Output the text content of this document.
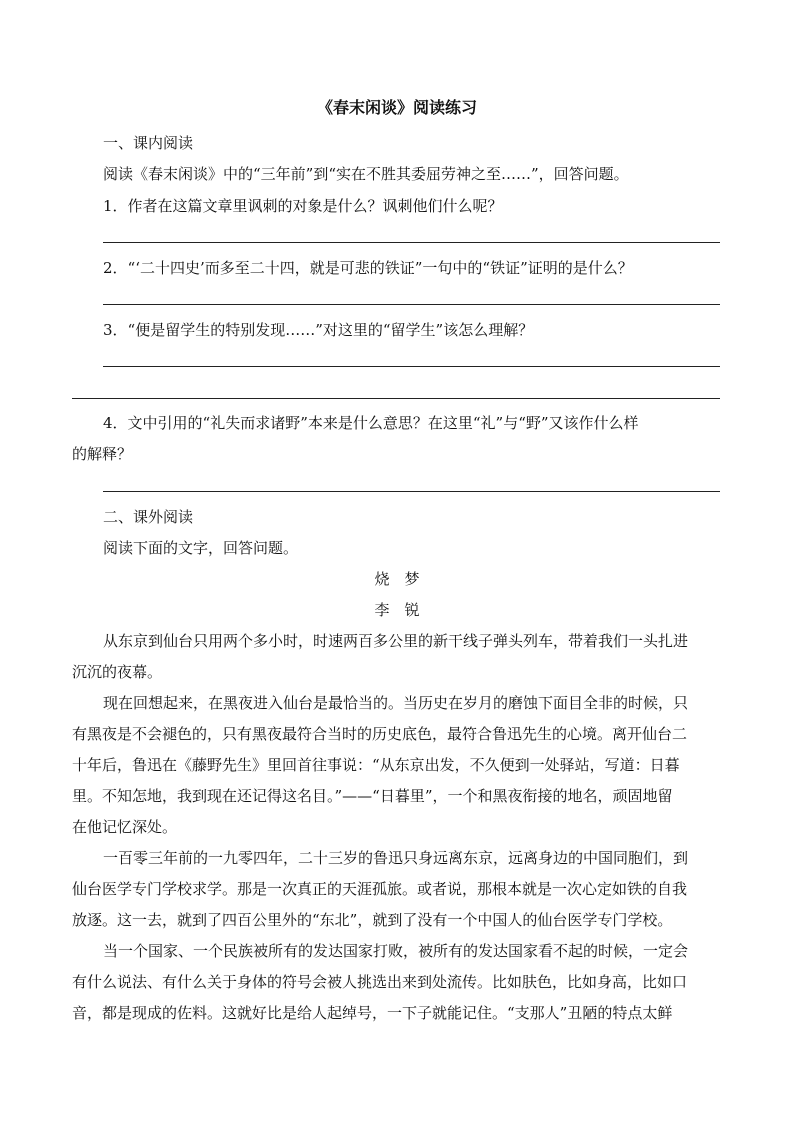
《春末闲谈》阅读练习
一、课内阅读
阅读《春末闲谈》中的“三年前”到“实在不胜其委屈劳神之至……”，回答问题。
1．作者在这篇文章里讽刺的对象是什么？讽刺他们什么呢？
2．“‘二十四史’而多至二十四，就是可悲的铁证”一句中的“铁证”证明的是什么？
3．“便是留学生的特别发现……”对这里的“留学生”该怎么理解？
4．文中引用的“礼失而求诸野”本来是什么意思？在这里“礼”与“野”又该作什么样
的解释？
二、课外阅读
阅读下面的文字，回答问题。
烧　梦
李　锐
从东京到仙台只用两个多小时，时速两百多公里的新干线子弹头列车，带着我们一头扎进
沉沉的夜幕。
现在回想起来，在黑夜进入仙台是最恰当的。当历史在岁月的磨蚀下面目全非的时候，只
有黑夜是不会褪色的，只有黑夜最符合当时的历史底色，最符合鲁迅先生的心境。离开仙台二
十年后，鲁迅在《藤野先生》里回首往事说：“从东京出发，不久便到一处驿站，写道：日暮
里。不知怎地，我到现在还记得这名目。”——“日暮里”，一个和黑夜衔接的地名，顽固地留
在他记忆深处。
一百零三年前的一九零四年，二十三岁的鲁迅只身远离东京，远离身边的中国同胞们，到
仙台医学专门学校求学。那是一次真正的天涯孤旅。或者说，那根本就是一次心定如铁的自我
放逐。这一去，就到了四百公里外的“东北”，就到了没有一个中国人的仙台医学专门学校。
当一个国家、一个民族被所有的发达国家打败，被所有的发达国家看不起的时候，一定会
有什么说法、有什么关于身体的符号会被人挑选出来到处流传。比如肤色，比如身高，比如口
音，都是现成的佐料。这就好比是给人起绰号，一下子就能记住。“支那人”丑陋的特点太鲜
